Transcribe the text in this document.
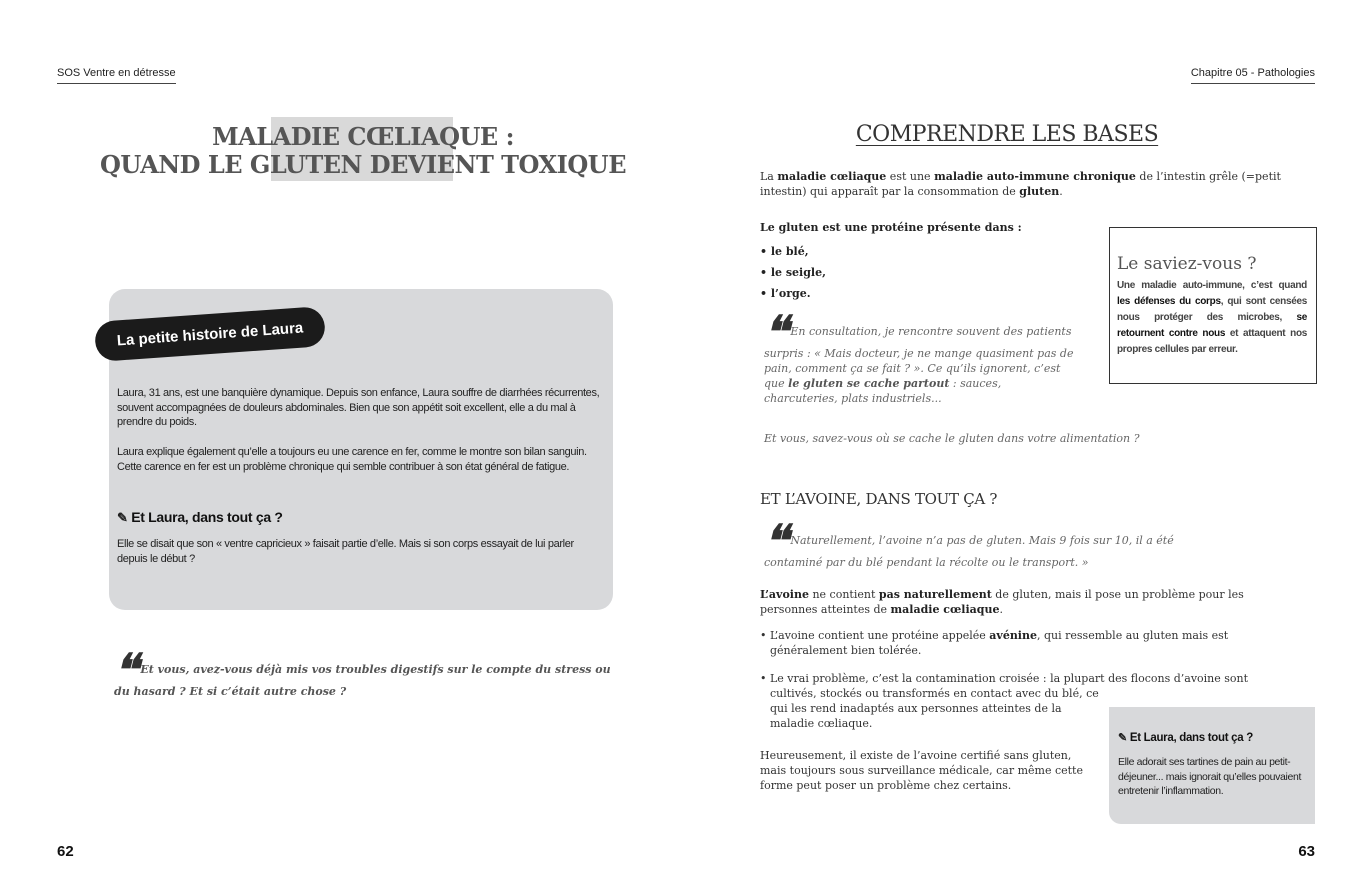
SOS Ventre en détresse
MALADIE CŒLIAQUE :
QUAND LE GLUTEN DEVIENT TOXIQUE
La petite histoire de Laura
Laura, 31 ans, est une banquière dynamique. Depuis son enfance, Laura souffre de diarrhées récurrentes, souvent accompagnées de douleurs abdominales. Bien que son appétit soit excellent, elle a du mal à prendre du poids.
Laura explique également qu’elle a toujours eu une carence en fer, comme le montre son bilan sanguin. Cette carence en fer est un problème chronique qui semble contribuer à son état général de fatigue.
✎ Et Laura, dans tout ça ?
Elle se disait que son « ventre capricieux » faisait partie d’elle. Mais si son corps essayait de lui parler depuis le début ?
❛❛ Et vous, avez-vous déjà mis vos troubles digestifs sur le compte du stress ou du hasard ? Et si c’était autre chose ?
62
Chapitre 05 - Pathologies
COMPRENDRE LES BASES
La maladie cœliaque est une maladie auto-immune chronique de l’intestin grêle (=petit intestin) qui apparaît par la consommation de gluten.
Le gluten est une protéine présente dans :
• le blé,
• le seigle,
• l’orge.
❛❛ En consultation, je rencontre souvent des patients surpris : « Mais docteur, je ne mange quasiment pas de pain, comment ça se fait ? ». Ce qu’ils ignorent, c’est que le gluten se cache partout : sauces, charcuteries, plats industriels...
Et vous, savez-vous où se cache le gluten dans votre alimentation ?
Le saviez-vous ?
Une maladie auto-immune, c’est quand les défenses du corps, qui sont censées nous protéger des microbes, se retournent contre nous et attaquent nos propres cellules par erreur.
ET L’AVOINE, DANS TOUT ÇA ?
❛❛ Naturellement, l’avoine n’a pas de gluten. Mais 9 fois sur 10, il a été contaminé par du blé pendant la récolte ou le transport. »
L’avoine ne contient pas naturellement de gluten, mais il pose un problème pour les personnes atteintes de maladie cœliaque.
• L’avoine contient une protéine appelée avénine, qui ressemble au gluten mais est généralement bien tolérée.
• Le vrai problème, c’est la contamination croisée : la plupart des flocons d’avoine sont
cultivés, stockés ou transformés en contact avec du blé, ce qui les rend inadaptés aux personnes atteintes de la maladie cœliaque.
Heureusement, il existe de l’avoine certifié sans gluten, mais toujours sous surveillance médicale, car même cette forme peut poser un problème chez certains.
✎ Et Laura, dans tout ça ?
Elle adorait ses tartines de pain au petit-déjeuner... mais ignorait qu’elles pouvaient entretenir l’inflammation.
63
